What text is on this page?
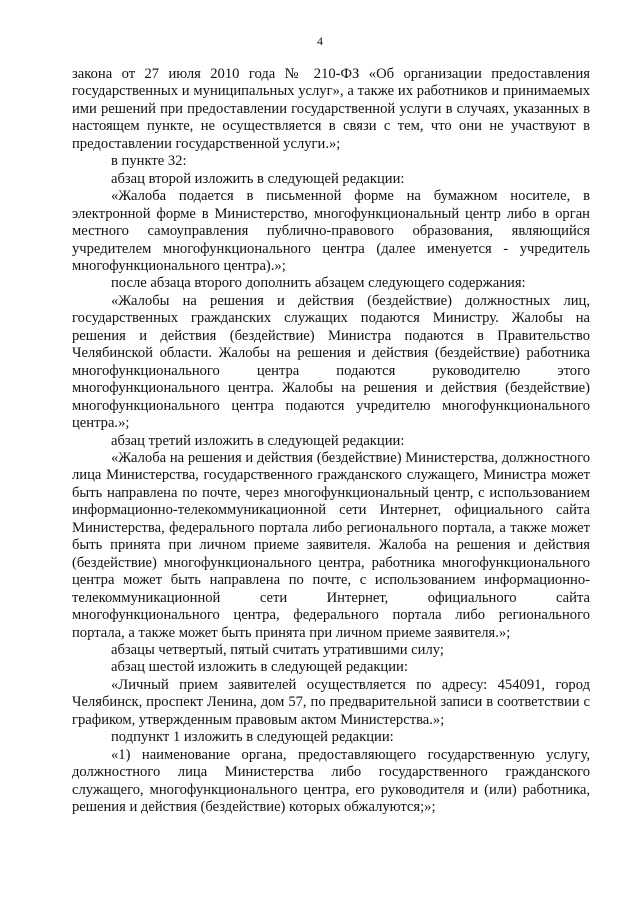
4

закона от 27 июля 2010 года № 210-ФЗ «Об организации предоставления государственных и муниципальных услуг», а также их работников и принимаемых ими решений при предоставлении государственной услуги в случаях, указанных в настоящем пункте, не осуществляется в связи с тем, что они не участвуют в предоставлении государственной услуги.»;

в пункте 32:

абзац второй изложить в следующей редакции:

«Жалоба подается в письменной форме на бумажном носителе, в электронной форме в Министерство, многофункциональный центр либо в орган местного самоуправления публично-правового образования, являющийся учредителем многофункционального центра (далее именуется - учредитель многофункционального центра).»;

после абзаца второго дополнить абзацем следующего содержания:

«Жалобы на решения и действия (бездействие) должностных лиц, государственных гражданских служащих подаются Министру. Жалобы на решения и действия (бездействие) Министра подаются в Правительство Челябинской области. Жалобы на решения и действия (бездействие) работника многофункционального центра подаются руководителю этого многофункционального центра. Жалобы на решения и действия (бездействие) многофункционального центра подаются учредителю многофункционального центра.»;

абзац третий изложить в следующей редакции:

«Жалоба на решения и действия (бездействие) Министерства, должностного лица Министерства, государственного гражданского служащего, Министра может быть направлена по почте, через многофункциональный центр, с использованием информационно-телекоммуникационной сети Интернет, официального сайта Министерства, федерального портала либо регионального портала, а также может быть принята при личном приеме заявителя. Жалоба на решения и действия (бездействие) многофункционального центра, работника многофункционального центра может быть направлена по почте, с использованием информационно-телекоммуникационной сети Интернет, официального сайта многофункционального центра, федерального портала либо регионального портала, а также может быть принята при личном приеме заявителя.»;

абзацы четвертый, пятый считать утратившими силу;

абзац шестой изложить в следующей редакции:

«Личный прием заявителей осуществляется по адресу: 454091, город Челябинск, проспект Ленина, дом 57, по предварительной записи в соответствии с графиком, утвержденным правовым актом Министерства.»;

подпункт 1 изложить в следующей редакции:

«1) наименование органа, предоставляющего государственную услугу, должностного лица Министерства либо государственного гражданского служащего, многофункционального центра, его руководителя и (или) работника, решения и действия (бездействие) которых обжалуются;»;
